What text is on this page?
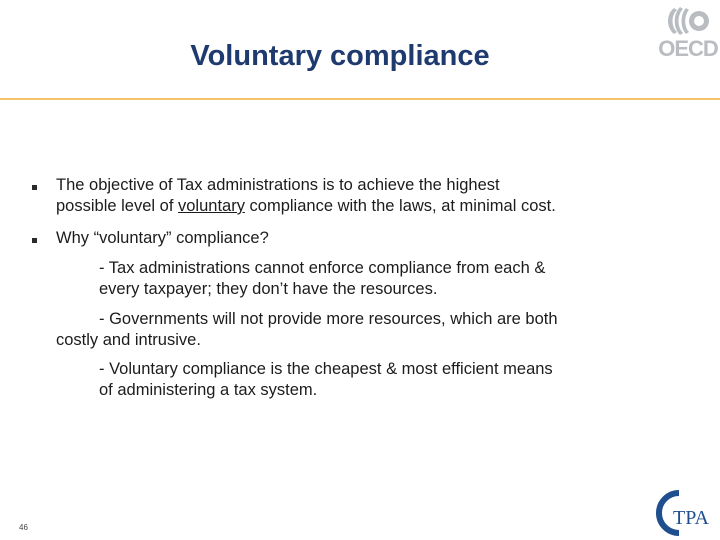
OECD
Voluntary compliance
The objective of Tax administrations is to achieve the highest
possible level of voluntary compliance with the laws, at minimal cost.
Why “voluntary” compliance?
- Tax administrations cannot enforce compliance from each &
every taxpayer; they don’t have the resources.
- Governments will not provide more resources, which are both
costly and intrusive.
- Voluntary compliance is the cheapest & most efficient means
of administering a tax system.
46	TPA
